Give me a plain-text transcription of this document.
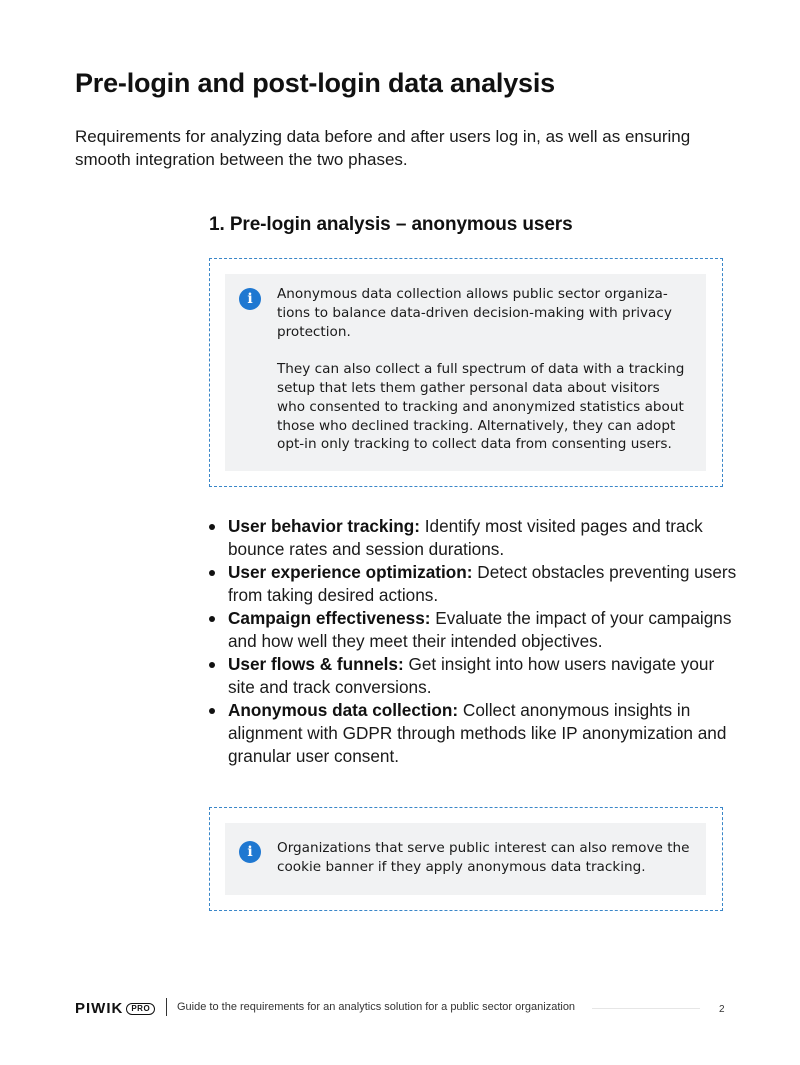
Pre-login and post-login data analysis

Requirements for analyzing data before and after users log in, as well as ensuring smooth integration between the two phases.

1. Pre-login analysis – anonymous users
i	Anonymous data collection allows public sector organiza-tions to balance data-driven decision-making with privacy protection.

They can also collect a full spectrum of data with a tracking setup that lets them gather personal data about visitors who consented to tracking and anonymized statistics about those who declined tracking. Alternatively, they can adopt opt-in only tracking to collect data from consenting users.

User behavior tracking: Identify most visited pages and track bounce rates and session durations.
User experience optimization: Detect obstacles preventing users from taking desired actions.
Campaign effectiveness: Evaluate the impact of your campaigns and how well they meet their intended objectives.
User flows & funnels: Get insight into how users navigate your site and track conversions.
Anonymous data collection: Collect anonymous insights in alignment with GDPR through methods like IP anonymization and granular user consent.
i	Organizations that serve public interest can also remove the cookie banner if they apply anonymous data tracking.

PIWIK PRO	Guide to the requirements for an analytics solution for a public sector organization	2
